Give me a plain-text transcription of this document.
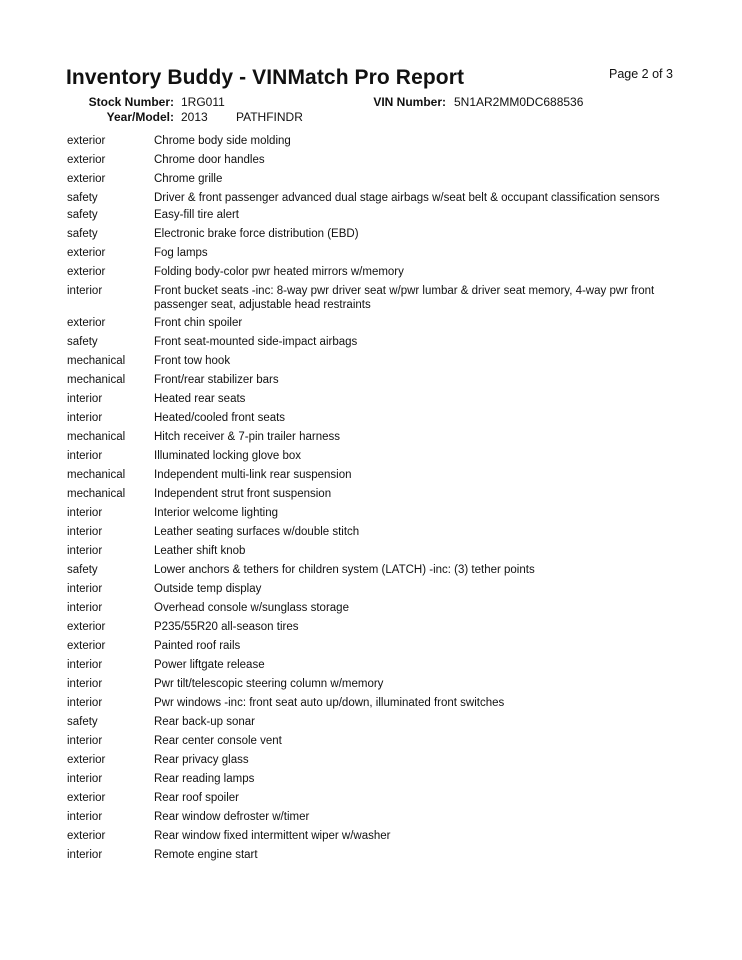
Inventory Buddy - VINMatch Pro Report	Page 2 of 3
Stock Number: 1RG011	VIN Number: 5N1AR2MM0DC688536
Year/Model: 2013 PATHFINDR
exterior	Chrome body side molding
exterior	Chrome door handles
exterior	Chrome grille
safety	Driver & front passenger advanced dual stage airbags w/seat belt & occupant classification sensors
safety	Easy-fill tire alert
safety	Electronic brake force distribution (EBD)
exterior	Fog lamps
exterior	Folding body-color pwr heated mirrors w/memory
interior	Front bucket seats -inc: 8-way pwr driver seat w/pwr lumbar & driver seat memory, 4-way pwr front passenger seat, adjustable head restraints
exterior	Front chin spoiler
safety	Front seat-mounted side-impact airbags
mechanical	Front tow hook
mechanical	Front/rear stabilizer bars
interior	Heated rear seats
interior	Heated/cooled front seats
mechanical	Hitch receiver & 7-pin trailer harness
interior	Illuminated locking glove box
mechanical	Independent multi-link rear suspension
mechanical	Independent strut front suspension
interior	Interior welcome lighting
interior	Leather seating surfaces w/double stitch
interior	Leather shift knob
safety	Lower anchors & tethers for children system (LATCH) -inc: (3) tether points
interior	Outside temp display
interior	Overhead console w/sunglass storage
exterior	P235/55R20 all-season tires
exterior	Painted roof rails
interior	Power liftgate release
interior	Pwr tilt/telescopic steering column w/memory
interior	Pwr windows -inc: front seat auto up/down, illuminated front switches
safety	Rear back-up sonar
interior	Rear center console vent
exterior	Rear privacy glass
interior	Rear reading lamps
exterior	Rear roof spoiler
interior	Rear window defroster w/timer
exterior	Rear window fixed intermittent wiper w/washer
interior	Remote engine start
